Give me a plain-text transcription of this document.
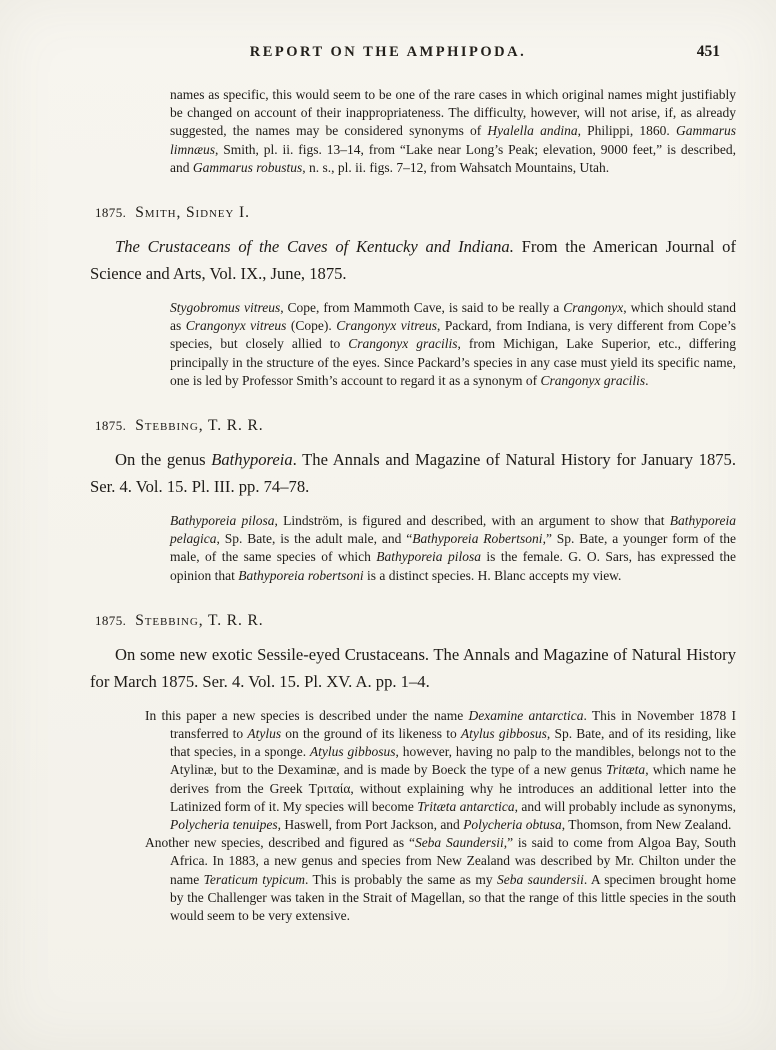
REPORT ON THE AMPHIPODA.	451

names as specific, this would seem to be one of the rare cases in which original names might justifiably be changed on account of their inappropriateness. The difficulty, however, will not arise, if, as already suggested, the names may be considered synonyms of Hyalella andina, Philippi, 1860. Gammarus limnæus, Smith, pl. ii. figs. 13–14, from “Lake near Long’s Peak; elevation, 9000 feet,” is described, and Gammarus robustus, n. s., pl. ii. figs. 7–12, from Wahsatch Mountains, Utah.

1875. Smith, Sidney I.

The Crustaceans of the Caves of Kentucky and Indiana. From the American Journal of Science and Arts, Vol. IX., June, 1875.

Stygobromus vitreus, Cope, from Mammoth Cave, is said to be really a Crangonyx, which should stand as Crangonyx vitreus (Cope). Crangonyx vitreus, Packard, from Indiana, is very different from Cope’s species, but closely allied to Crangonyx gracilis, from Michigan, Lake Superior, etc., differing principally in the structure of the eyes. Since Packard’s species in any case must yield its specific name, one is led by Professor Smith’s account to regard it as a synonym of Crangonyx gracilis.

1875. Stebbing, T. R. R.

On the genus Bathyporeia. The Annals and Magazine of Natural History for January 1875. Ser. 4. Vol. 15. Pl. III. pp. 74–78.

Bathyporeia pilosa, Lindström, is figured and described, with an argument to show that Bathyporeia pelagica, Sp. Bate, is the adult male, and “Bathyporeia Robertsoni,” Sp. Bate, a younger form of the male, of the same species of which Bathyporeia pilosa is the female. G. O. Sars, has expressed the opinion that Bathyporeia robertsoni is a distinct species. H. Blanc accepts my view.

1875. Stebbing, T. R. R.

On some new exotic Sessile-eyed Crustaceans. The Annals and Magazine of Natural History for March 1875. Ser. 4. Vol. 15. Pl. XV. A. pp. 1–4.

In this paper a new species is described under the name Dexamine antarctica. This in November 1878 I transferred to Atylus on the ground of its likeness to Atylus gibbosus, Sp. Bate, and of its residing, like that species, in a sponge. Atylus gibbosus, however, having no palp to the mandibles, belongs not to the Atylinæ, but to the Dexaminæ, and is made by Boeck the type of a new genus Tritæta, which name he derives from the Greek Τριταία, without explaining why he introduces an additional letter into the Latinized form of it. My species will become Tritæta antarctica, and will probably include as synonyms, Polycheria tenuipes, Haswell, from Port Jackson, and Polycheria obtusa, Thomson, from New Zealand.

Another new species, described and figured as “Seba Saundersii,” is said to come from Algoa Bay, South Africa. In 1883, a new genus and species from New Zealand was described by Mr. Chilton under the name Teraticum typicum. This is probably the same as my Seba saundersii. A specimen brought home by the Challenger was taken in the Strait of Magellan, so that the range of this little species in the south would seem to be very extensive.
